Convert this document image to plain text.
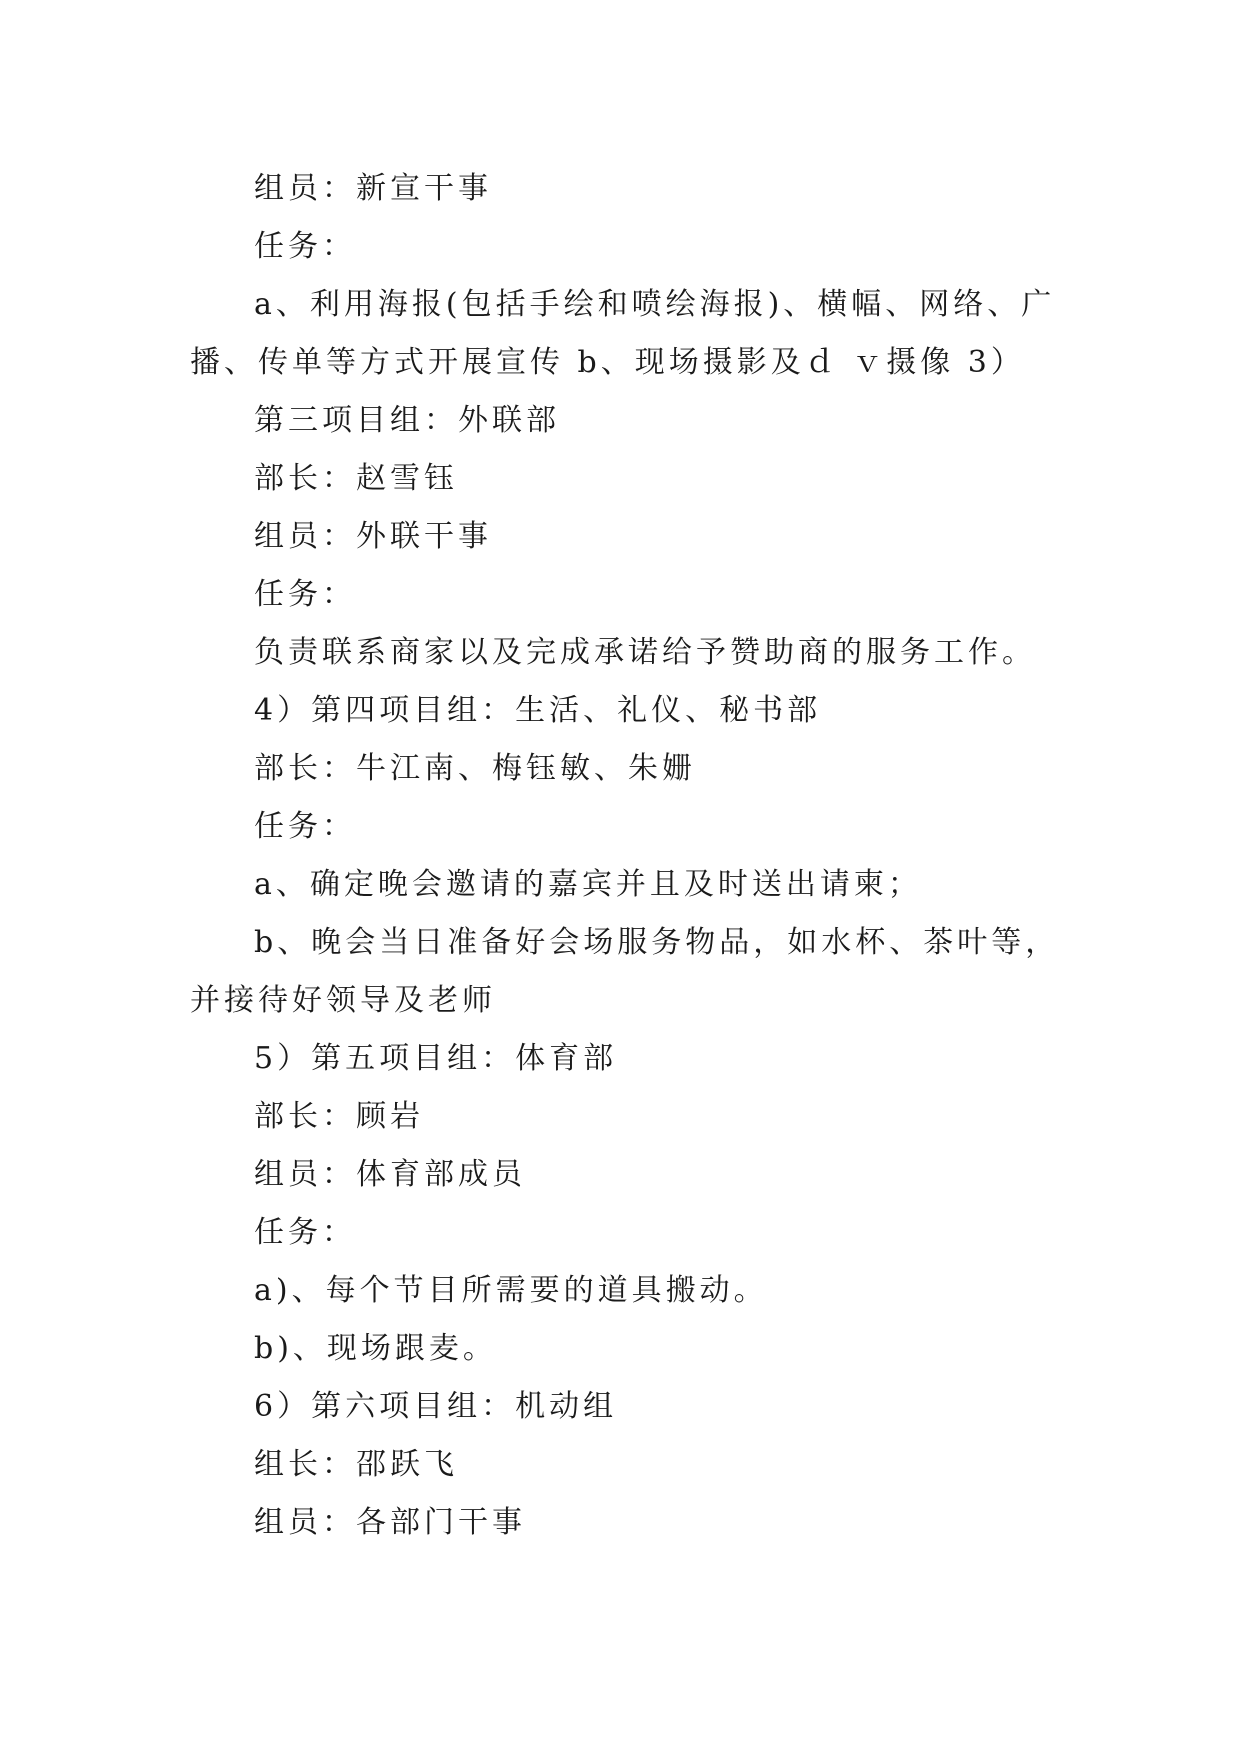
组员：新宣干事

任务：

a、利用海报(包括手绘和喷绘海报)、横幅、网络、广播、传单等方式开展宣传 b、现场摄影及ｄ ｖ摄像 3）

第三项目组：外联部

部长：赵雪钰

组员：外联干事

任务：

负责联系商家以及完成承诺给予赞助商的服务工作。

4）第四项目组：生活、礼仪、秘书部

部长：牛江南、梅钰敏、朱姗

任务：

a、确定晚会邀请的嘉宾并且及时送出请柬；

b、晚会当日准备好会场服务物品，如水杯、茶叶等，并接待好领导及老师

5）第五项目组：体育部

部长：顾岩

组员：体育部成员

任务：

a)、每个节目所需要的道具搬动。

b)、现场跟麦。

6）第六项目组：机动组

组长：邵跃飞

组员：各部门干事
